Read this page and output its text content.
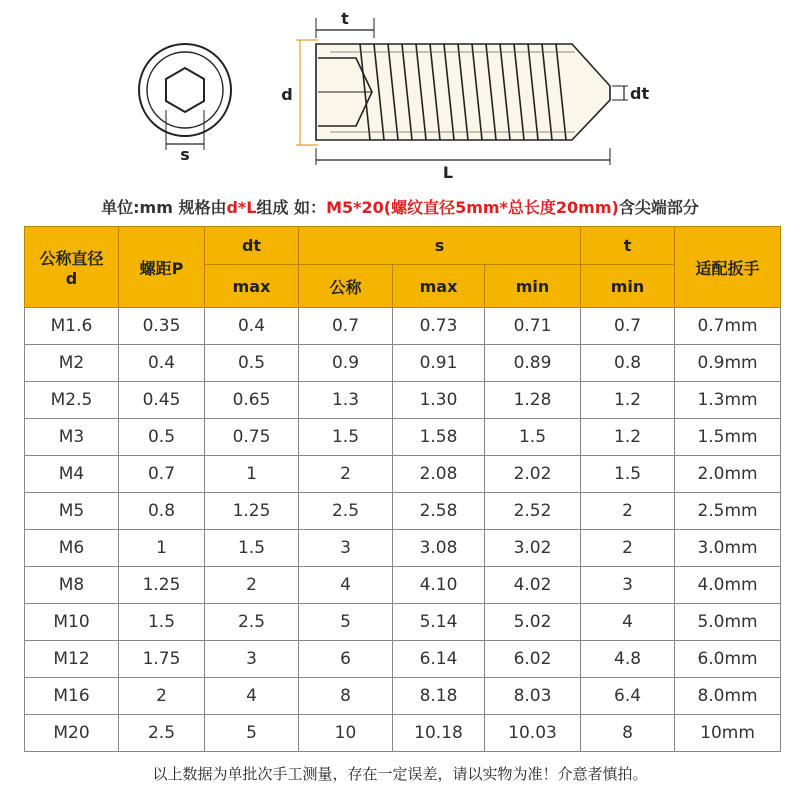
s
d
t
dt
L
单位:mm 规格由d*L组成 如：M5*20(螺纹直径5mm*总长度20mm)含尖端部分
公称直径
d	螺距P	dt	s			t	适配扳手
		max	公称	max	min	min	
M1.6	0.35	0.4	0.7	0.73	0.71	0.7	0.7mm
M2	0.4	0.5	0.9	0.91	0.89	0.8	0.9mm
M2.5	0.45	0.65	1.3	1.30	1.28	1.2	1.3mm
M3	0.5	0.75	1.5	1.58	1.5	1.2	1.5mm
M4	0.7	1	2	2.08	2.02	1.5	2.0mm
M5	0.8	1.25	2.5	2.58	2.52	2	2.5mm
M6	1	1.5	3	3.08	3.02	2	3.0mm
M8	1.25	2	4	4.10	4.02	3	4.0mm
M10	1.5	2.5	5	5.14	5.02	4	5.0mm
M12	1.75	3	6	6.14	6.02	4.8	6.0mm
M16	2	4	8	8.18	8.03	6.4	8.0mm
M20	2.5	5	10	10.18	10.03	8	10mm
以上数据为单批次手工测量，存在一定误差，请以实物为准！介意者慎拍。
